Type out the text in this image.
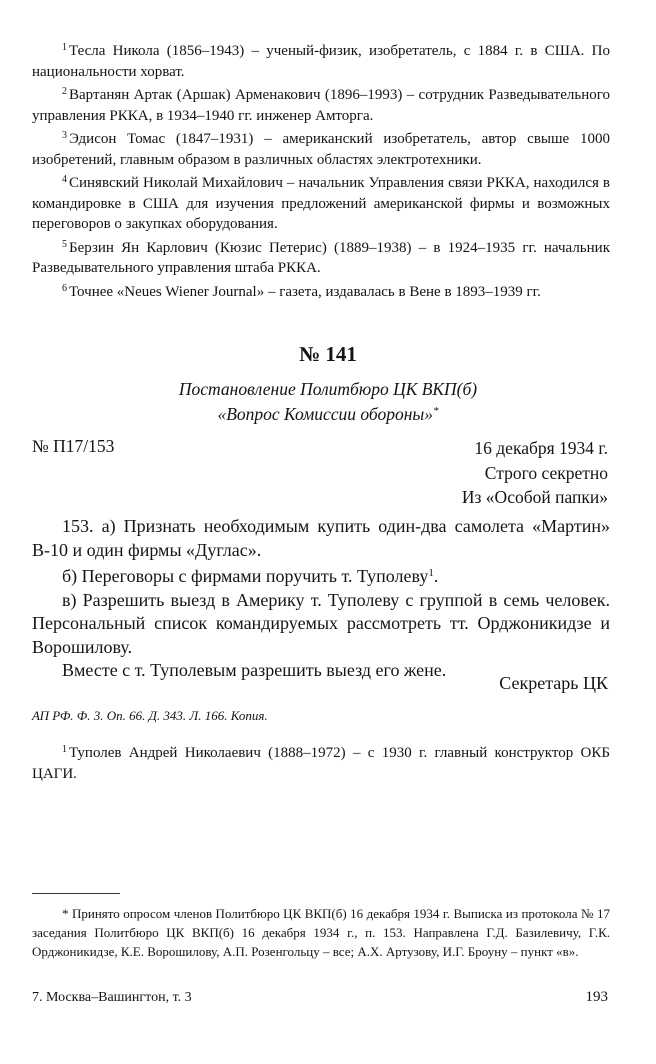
$^1$ Тесла Никола (1856–1943) – ученый-физик, изобретатель, с 1884 г. в США. По национальности хорват.

$^2$ Вартанян Артак (Аршак) Арменакович (1896–1993) – сотрудник Разведывательного управления РККА, в 1934–1940 гг. инженер Амторга.

$^3$ Эдисон Томас (1847–1931) – американский изобретатель, автор свыше 1000 изобретений, главным образом в различных областях электротехники.

$^4$ Синявский Николай Михайлович – начальник Управления связи РККА, находился в командировке в США для изучения предложений американской фирмы и возможных переговоров о закупках оборудования.

$^5$ Берзин Ян Карлович (Кюзис Петерис) (1889–1938) – в 1924–1935 гг. начальник Разведывательного управления штаба РККА.

$^6$ Точнее «Neues Wiener Journal» – газета, издавалась в Вене в 1893–1939 гг.

№ 141
Постановление Политбюро ЦК ВКП(б)
«Вопрос Комиссии обороны»*
№ П17/153	16 декабря 1934 г.
Строго секретно
Из «Особой папки»

153. а) Признать необходимым купить один-два самолета «Мартин» В-10 и один фирмы «Дуглас».

б) Переговоры с фирмами поручить т. Туполеву$^1$.

в) Разрешить выезд в Америку т. Туполеву с группой в семь человек. Персональный список командируемых рассмотреть тт. Орджоникидзе и Ворошилову.

Вместе с т. Туполевым разрешить выезд его жене.

Секретарь ЦК
АП РФ. Ф. 3. Оп. 66. Д. 343. Л. 166. Копия.

$^1$ Туполев Андрей Николаевич (1888–1972) – с 1930 г. главный конструктор ОКБ ЦАГИ.

* Принято опросом членов Политбюро ЦК ВКП(б) 16 декабря 1934 г. Выписка из протокола № 17 заседания Политбюро ЦК ВКП(б) 16 декабря 1934 г., п. 153. Направлена Г.Д. Базилевичу, Г.К. Орджоникидзе, К.Е. Ворошилову, А.П. Розенгольцу – все; А.Х. Артузову, И.Г. Броуну – пункт «в».

7. Москва–Вашингтон, т. 3	193
